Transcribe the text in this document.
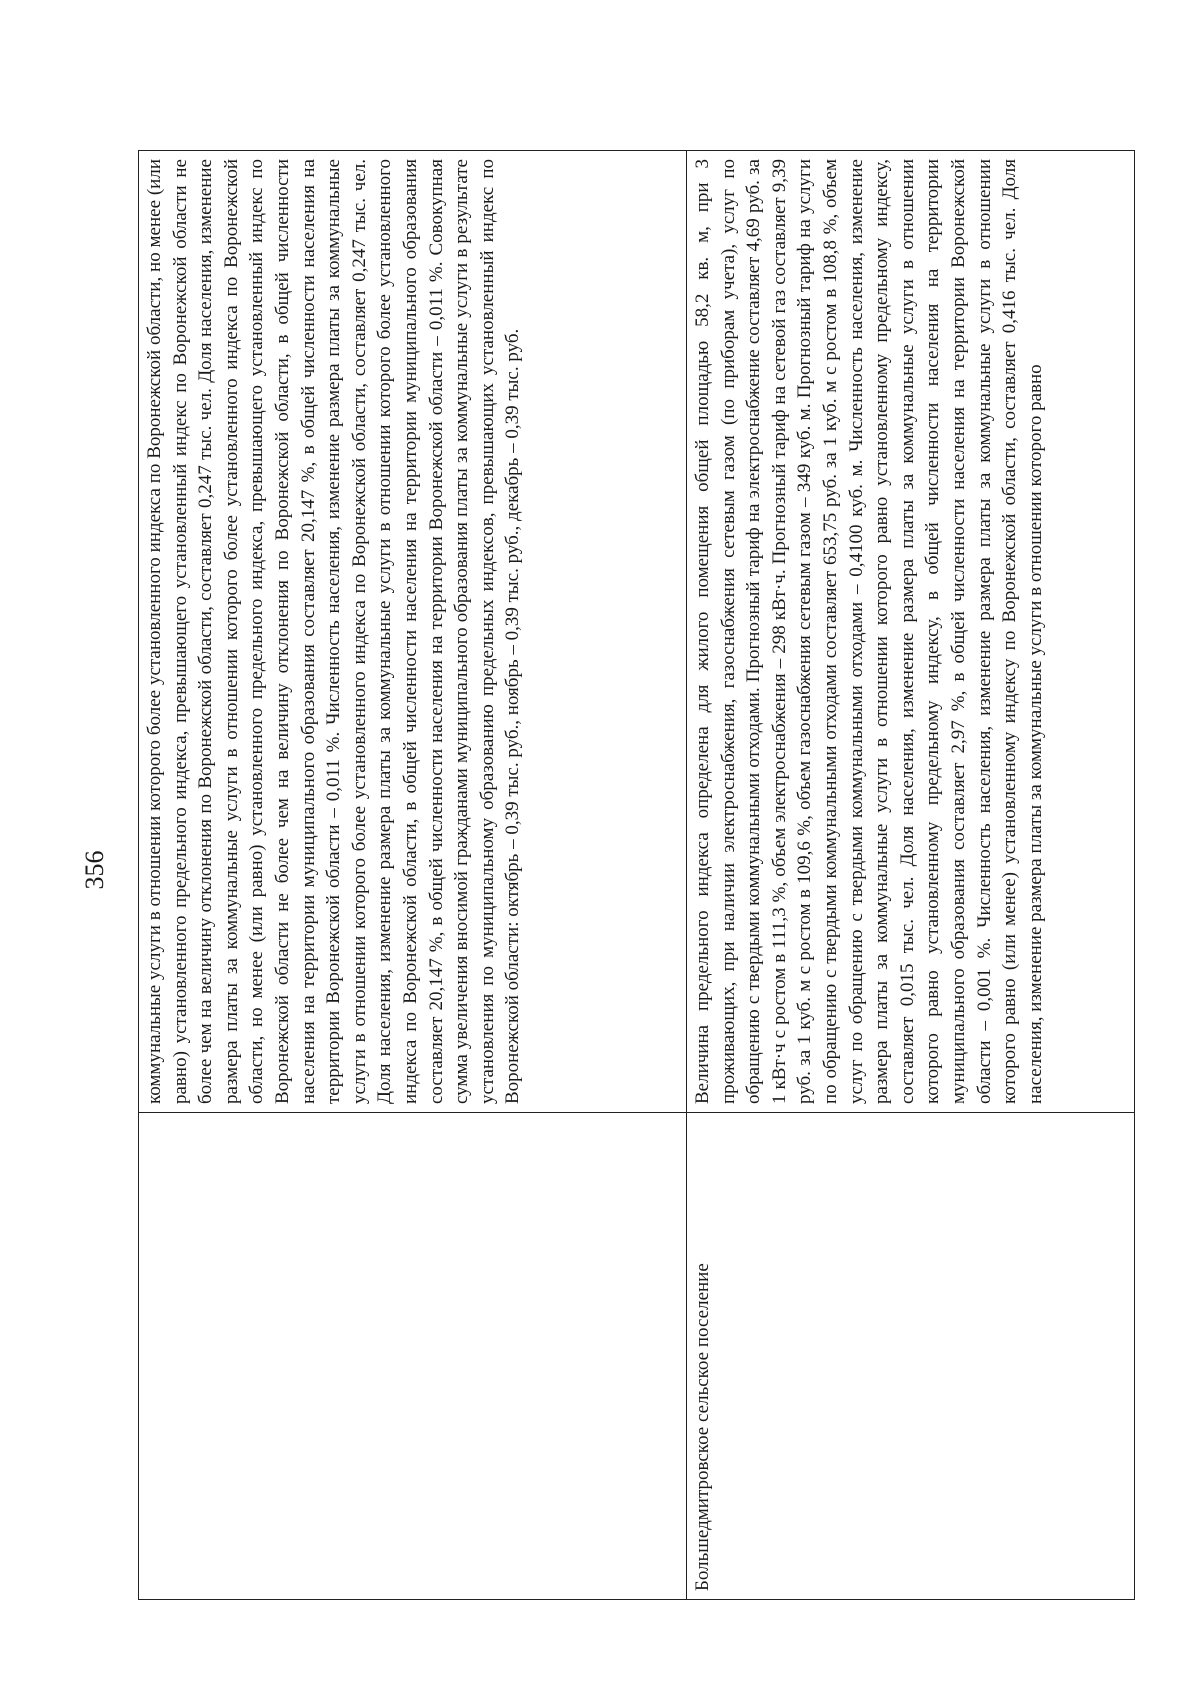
356
	коммунальные услуги в отношении которого более установленного индекса по Воронежской области, но менее (или равно) установленного предельного индекса, превышающего установленный индекс по Воронежской области не более чем на величину отклонения по Воронежской области, составляет 0,247 тыс. чел. Доля населения, изменение размера платы за коммунальные услуги в отношении которого более установленного индекса по Воронежской области, но менее (или равно) установленного предельного индекса, превышающего установленный индекс по Воронежской области не более чем на величину отклонения по Воронежской области, в общей численности населения на территории муниципального образования составляет 20,147 %, в общей численности населения на территории Воронежской области – 0,011 %. Численность населения, изменение размера платы за коммунальные услуги в отношении которого более установленного индекса по Воронежской области, составляет 0,247 тыс. чел. Доля населения, изменение размера платы за коммунальные услуги в отношении которого более установленного индекса по Воронежской области, в общей численности населения на территории муниципального образования составляет 20,147 %, в общей численности населения на территории Воронежской области – 0,011 %. Совокупная сумма увеличения вносимой гражданами муниципального образования платы за коммунальные услуги в результате установления по муниципальному образованию предельных индексов, превышающих установленный индекс по Воронежской области: октябрь – 0,39 тыс. руб., ноябрь – 0,39 тыс. руб., декабрь – 0,39 тыс. руб.
Большедмитровское сельское поселение	Величина предельного индекса определена для жилого помещения общей площадью 58,2 кв. м, при 3 проживающих, при наличии электроснабжения, газоснабжения сетевым газом (по приборам учета), услуг по обращению с твердыми коммунальными отходами. Прогнозный тариф на электроснабжение составляет 4,69 руб. за 1 кВт·ч с ростом в 111,3 %, объем электроснабжения – 298 кВт·ч. Прогнозный тариф на сетевой газ составляет 9,39 руб. за 1 куб. м с ростом в 109,6 %, объем газоснабжения сетевым газом – 349 куб. м. Прогнозный тариф на услуги по обращению с твердыми коммунальными отходами составляет 653,75 руб. за 1 куб. м с ростом в 108,8 %, объем услуг по обращению с твердыми коммунальными отходами – 0,4100 куб. м. Численность населения, изменение размера платы за коммунальные услуги в отношении которого равно установленному предельному индексу, составляет 0,015 тыс. чел. Доля населения, изменение размера платы за коммунальные услуги в отношении которого равно установленному предельному индексу, в общей численности населения на территории муниципального образования составляет 2,97 %, в общей численности населения на территории Воронежской области – 0,001 %. Численность населения, изменение размера платы за коммунальные услуги в отношении которого равно (или менее) установленному индексу по Воронежской области, составляет 0,416 тыс. чел. Доля населения, изменение размера платы за коммунальные услуги в отношении которого равно
